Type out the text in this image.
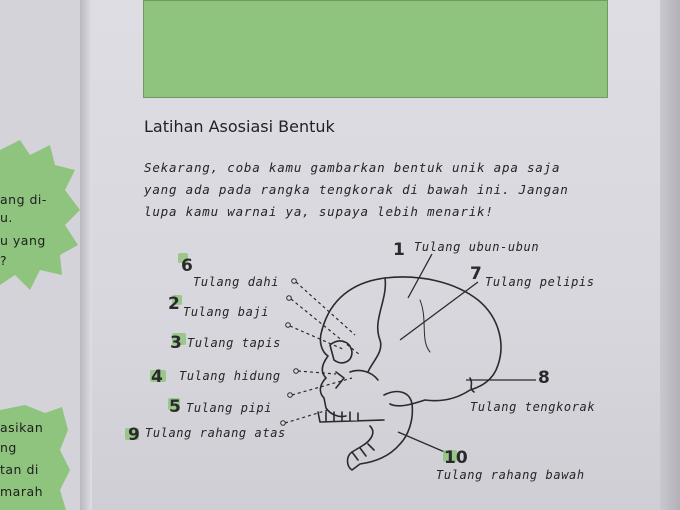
ang di-
u.
u yang
?
asikan
ng
tan di
marah
Latihan Asosiasi Bentuk
Sekarang, coba kamu gambarkan bentuk unik apa saja
yang ada pada rangka tengkorak di bawah ini. Jangan
lupa kamu warnai ya, supaya lebih menarik!
1 Tulang ubun-ubun
6
Tulang dahi	7 Tulang pelipis
2 Tulang baji
3 Tulang tapis
4 Tulang hidung	8
5 Tulang pipi	Tulang tengkorak
9 Tulang rahang atas
10
Tulang rahang bawah
